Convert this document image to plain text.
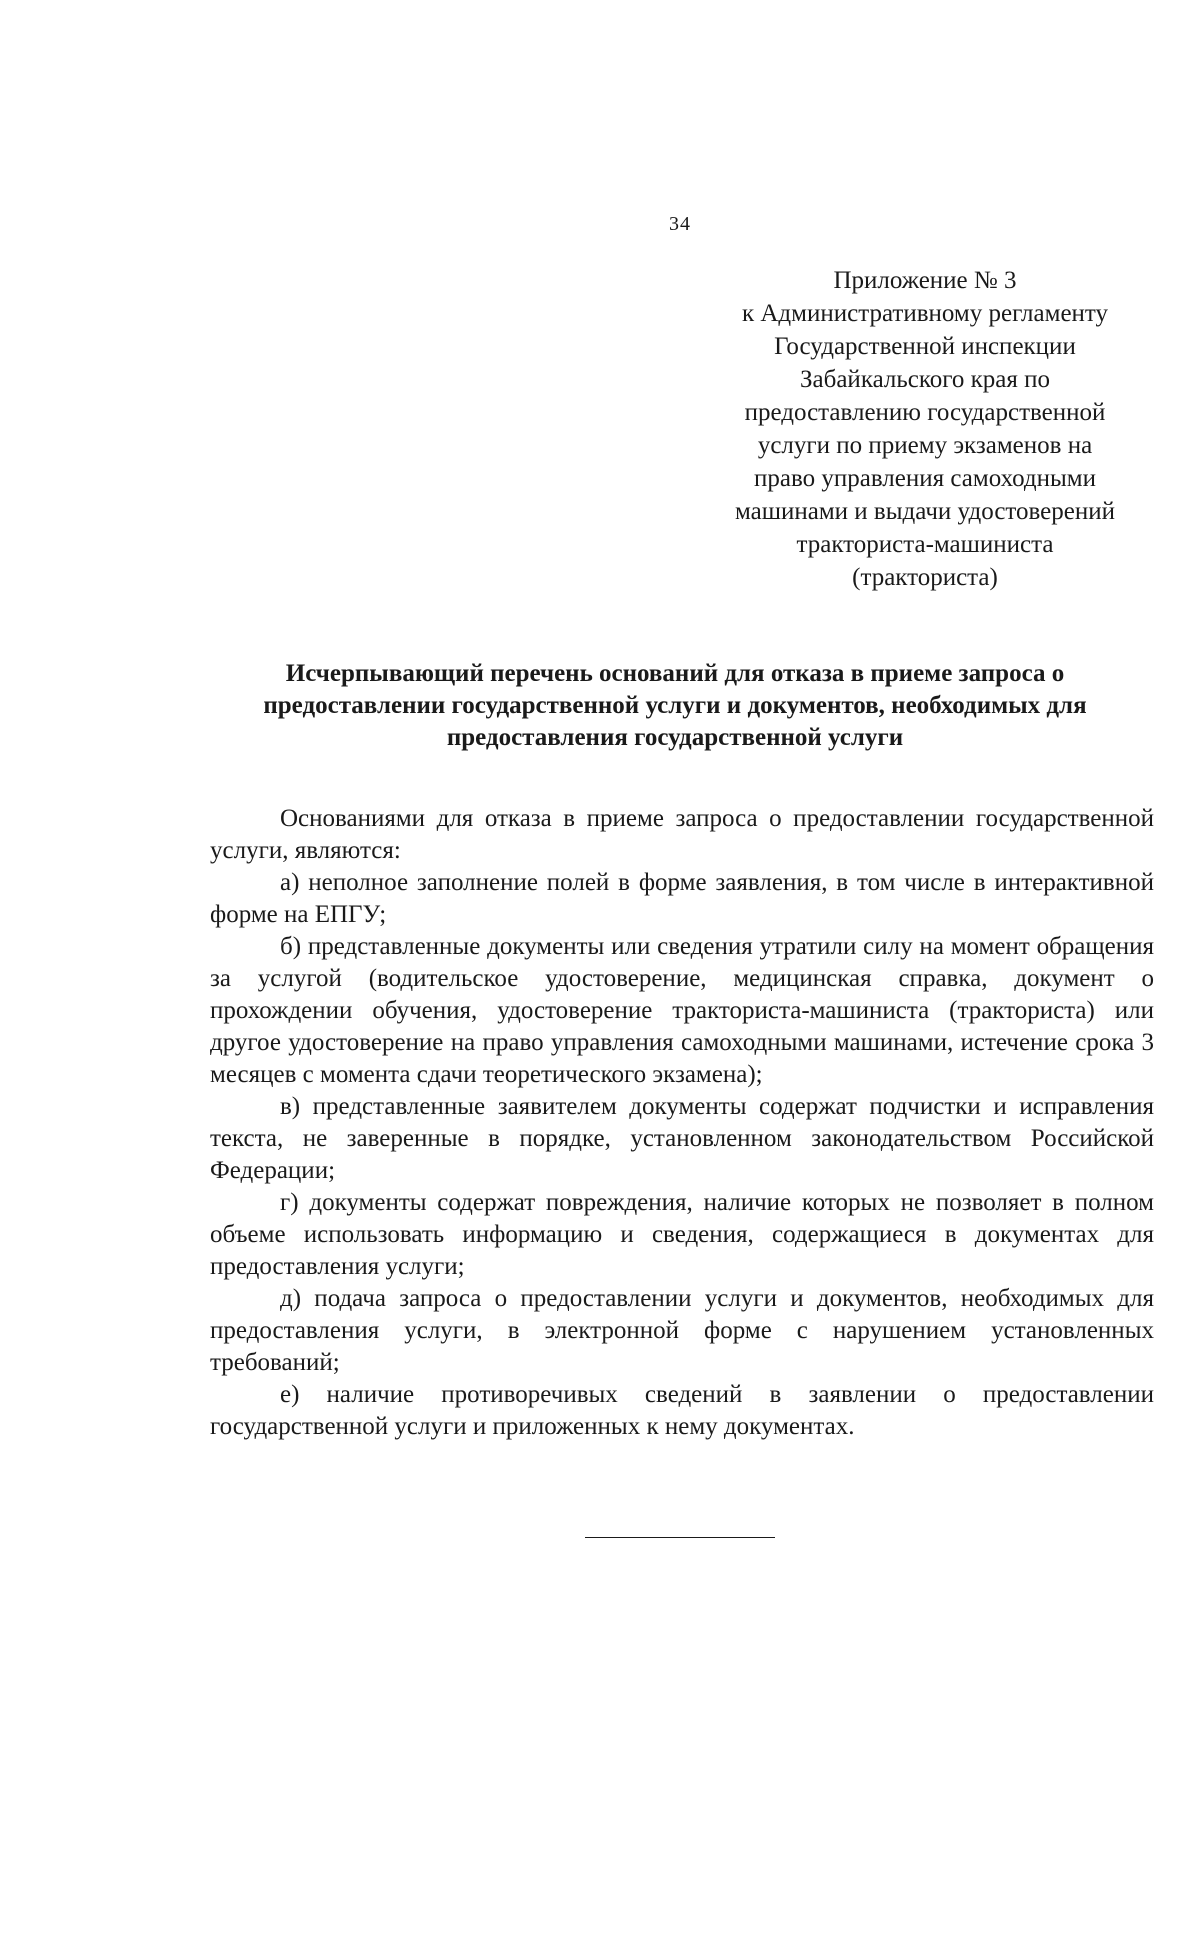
34
Приложение № 3
к Административному регламенту
Государственной инспекции
Забайкальского края по
предоставлению государственной
услуги по приему экзаменов на
право управления самоходными
машинами и выдачи удостоверений
тракториста-машиниста
(тракториста)
Исчерпывающий перечень оснований для отказа в приеме запроса о
предоставлении государственной услуги и документов, необходимых для
предоставления государственной услуги

Основаниями для отказа в приеме запроса о предоставлении государственной услуги, являются:

а) неполное заполнение полей в форме заявления, в том числе в интерактивной форме на ЕПГУ;

б) представленные документы или сведения утратили силу на момент обращения за услугой (водительское удостоверение, медицинская справка, документ о прохождении обучения, удостоверение тракториста-машиниста (тракториста) или другое удостоверение на право управления самоходными машинами, истечение срока 3 месяцев с момента сдачи теоретического экзамена);

в) представленные заявителем документы содержат подчистки и исправления текста, не заверенные в порядке, установленном законодательством Российской Федерации;

г) документы содержат повреждения, наличие которых не позволяет в полном объеме использовать информацию и сведения, содержащиеся в документах для предоставления услуги;

д) подача запроса о предоставлении услуги и документов, необходимых для предоставления услуги, в электронной форме с нарушением установленных требований;

е) наличие противоречивых сведений в заявлении о предоставлении государственной услуги и приложенных к нему документах.
